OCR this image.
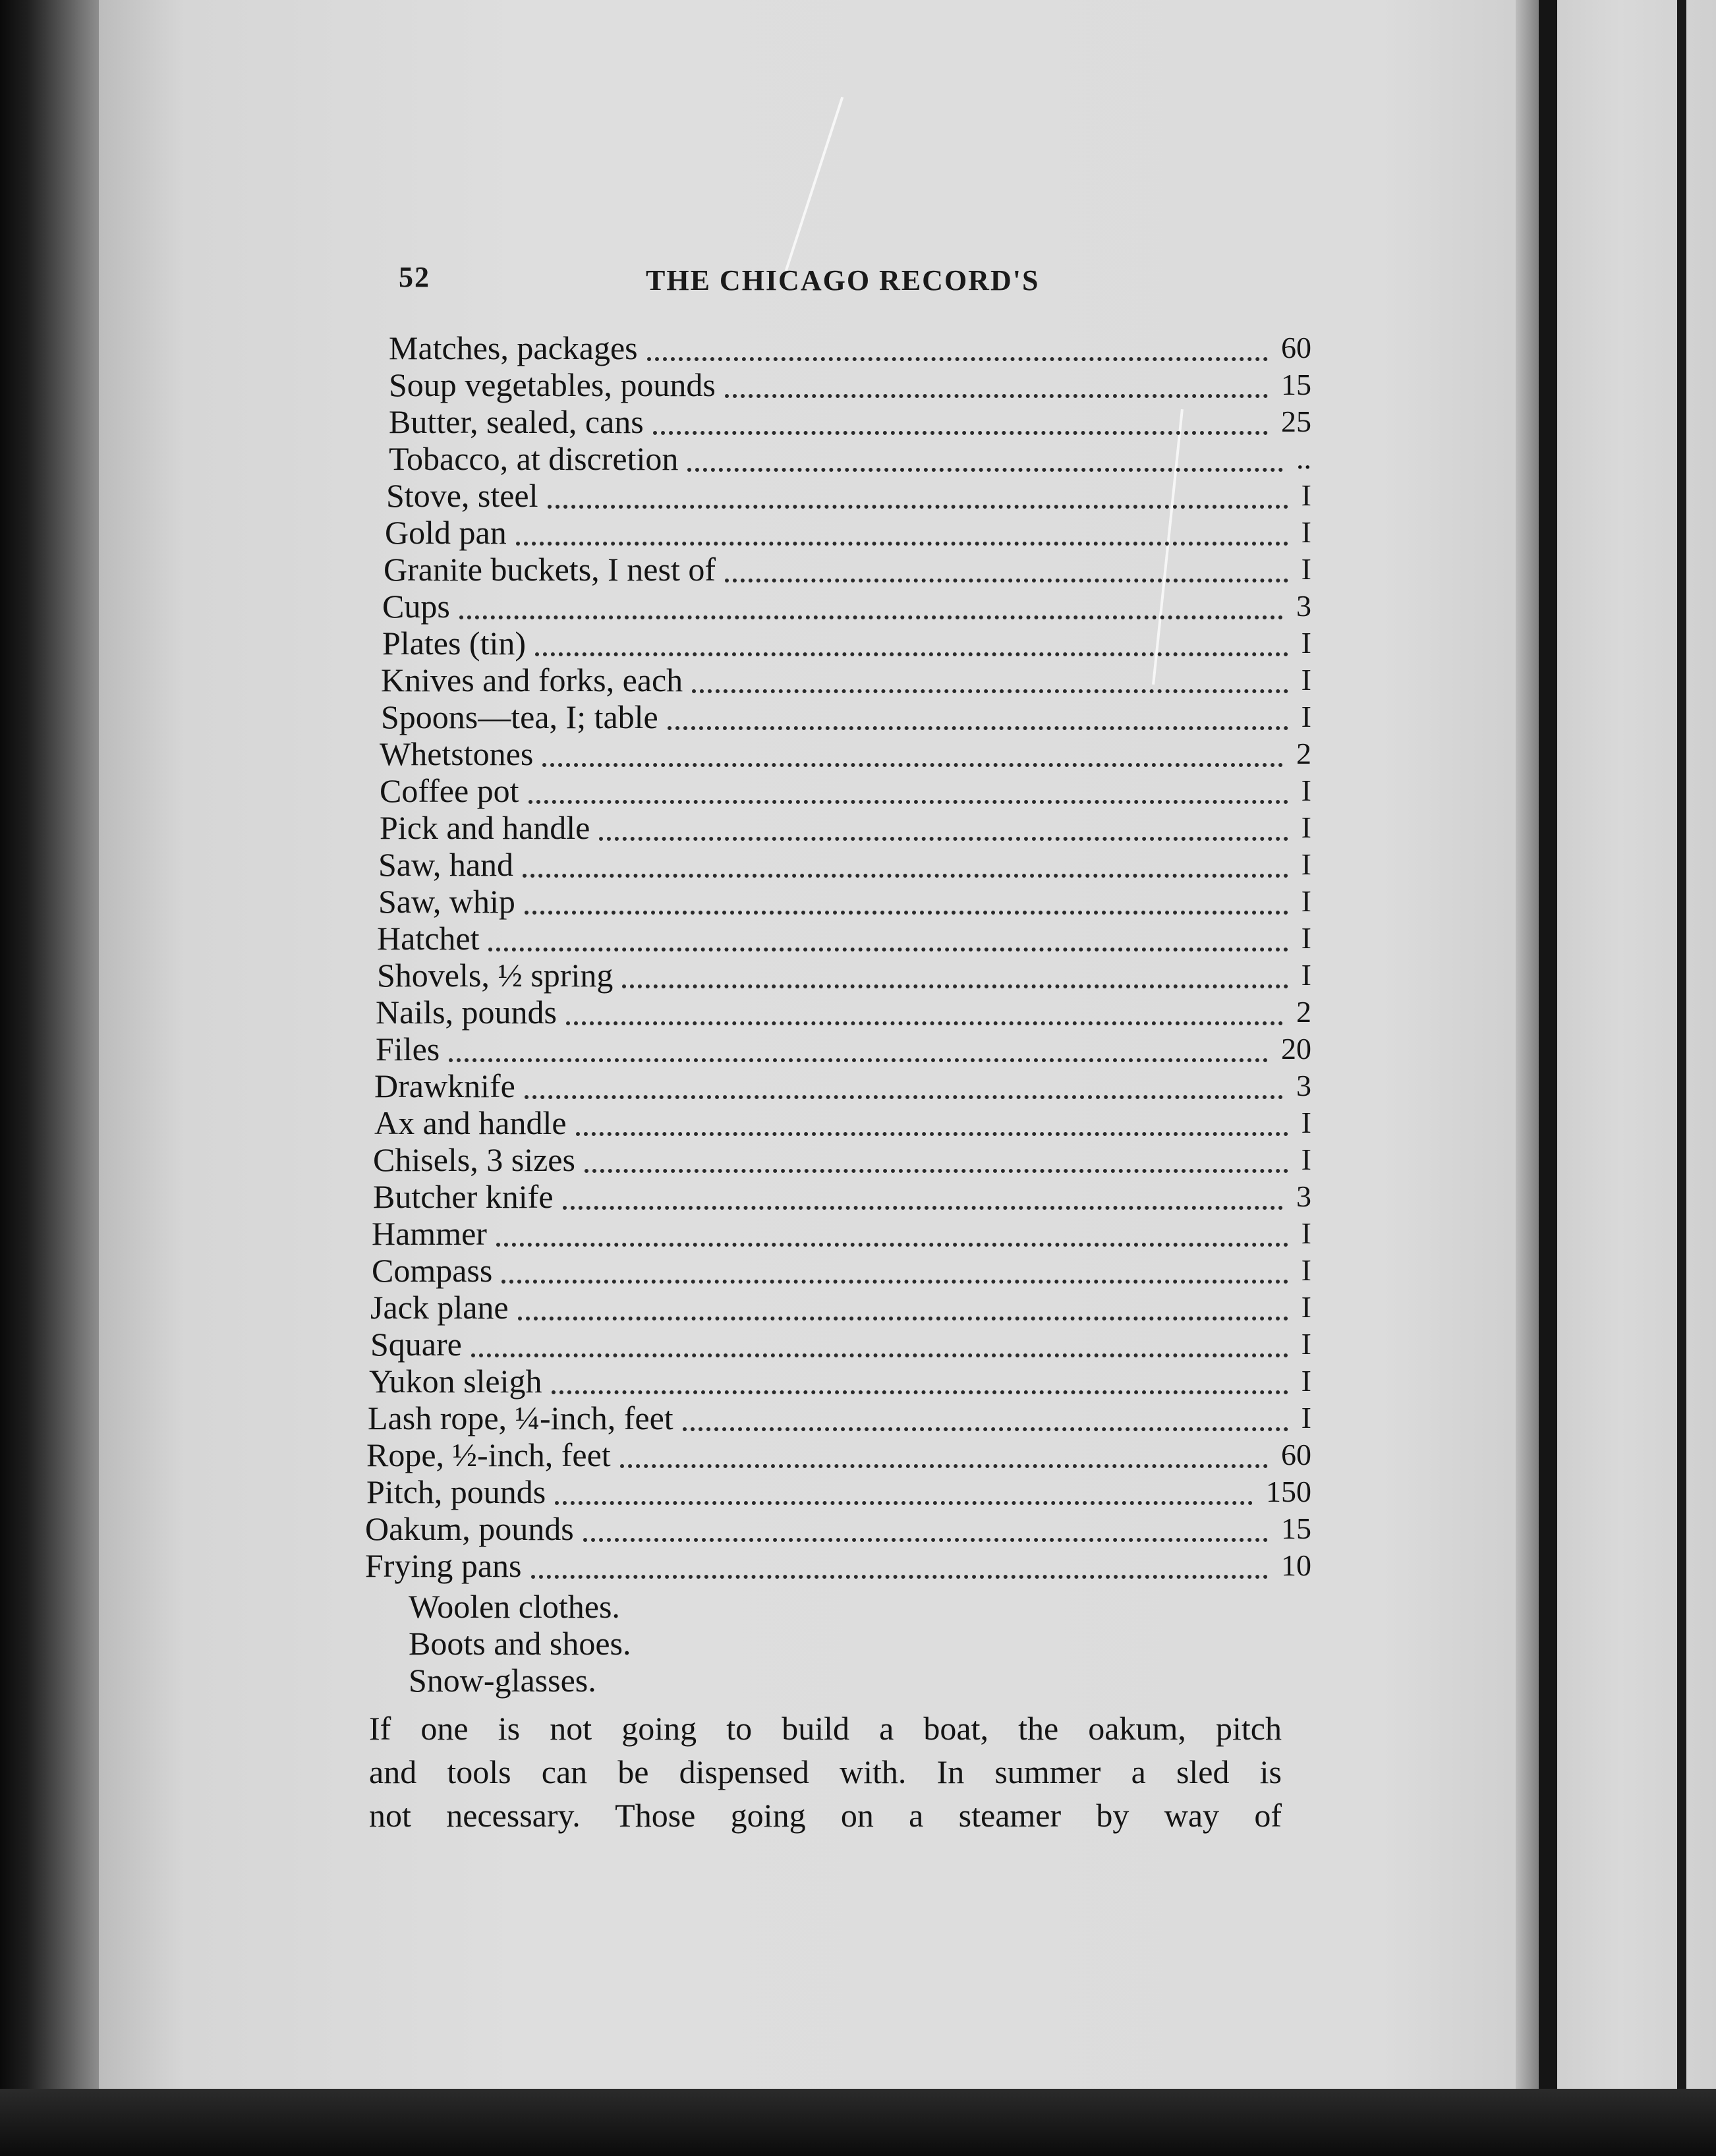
52	THE CHICAGO RECORD'S
Matches, packages	60
Soup vegetables, pounds	15
Butter, sealed, cans	25
Tobacco, at discretion	..
Stove, steel	I
Gold pan	I
Granite buckets, I nest of	I
Cups	3
Plates (tin)	I
Knives and forks, each	I
Spoons—tea, I; table	I
Whetstones	2
Coffee pot	I
Pick and handle	I
Saw, hand	I
Saw, whip	I
Hatchet	I
Shovels, ½ spring	I
Nails, pounds	2
Files	20
Drawknife	3
Ax and handle	I
Chisels, 3 sizes	I
Butcher knife	3
Hammer	I
Compass	I
Jack plane	I
Square	I
Yukon sleigh	I
Lash rope, ¼-inch, feet	I
Rope, ½-inch, feet	60
Pitch, pounds	150
Oakum, pounds	15
Frying pans	10
Woolen clothes.
Boots and shoes.
Snow-glasses.
If one is not going to build a boat, the oakum, pitch
and tools can be dispensed with. In summer a sled is
not necessary. Those going on a steamer by way of
